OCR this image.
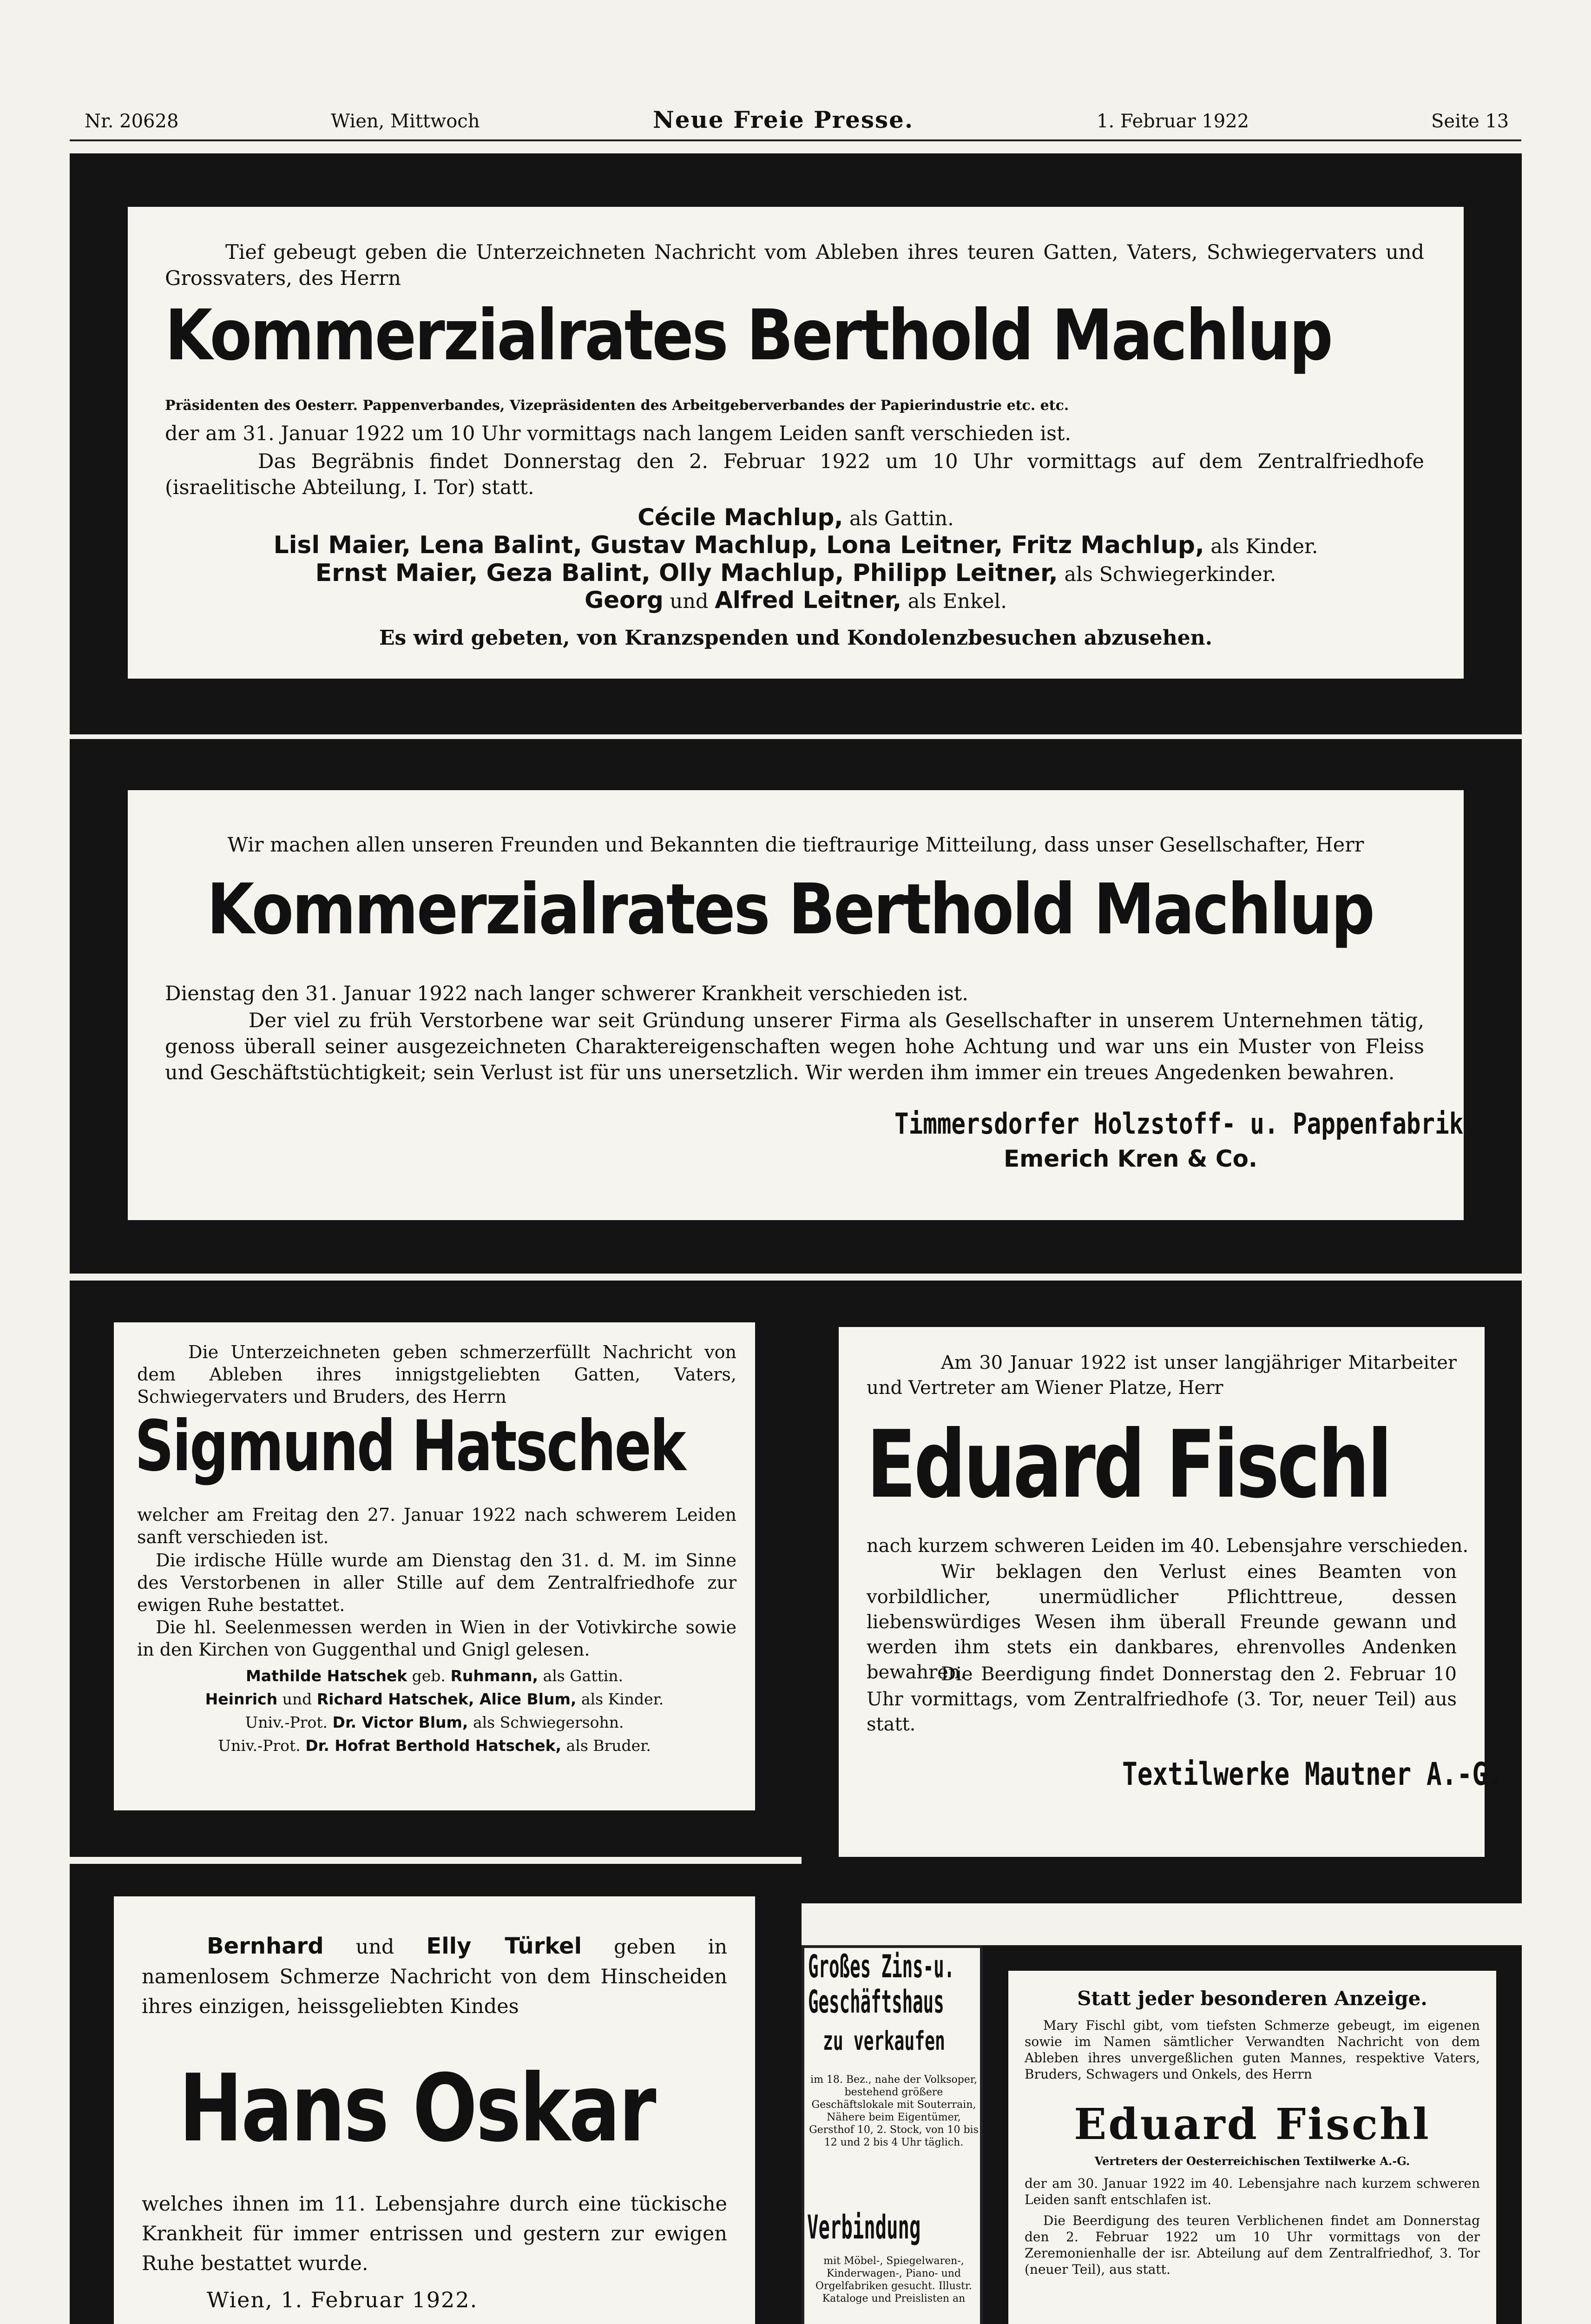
Nr. 20628	Wien, Mittwoch	Neue Freie Presse.	1. Februar 1922	Seite 13
Tief gebeugt geben die Unterzeichneten Nachricht vom Ableben ihres teuren Gatten, Vaters, Schwiegervaters und Grossvaters, des Herrn
Kommerzialrates Berthold Machlup
Präsidenten des Oesterr. Pappenverbandes, Vizepräsidenten des Arbeitgeberverbandes der Papierindustrie etc. etc.
der am 31. Januar 1922 um 10 Uhr vormittags nach langem Leiden sanft verschieden ist.
Das Begräbnis findet Donnerstag den 2. Februar 1922 um 10 Uhr vormittags auf dem Zentralfriedhofe (israelitische Abteilung, I. Tor) statt.
Cécile Machlup, als Gattin.
Lisl Maier, Lena Balint, Gustav Machlup, Lona Leitner, Fritz Machlup, als Kinder.
Ernst Maier, Geza Balint, Olly Machlup, Philipp Leitner, als Schwiegerkinder.
Georg und Alfred Leitner, als Enkel.
Es wird gebeten, von Kranzspenden und Kondolenzbesuchen abzusehen.
Wir machen allen unseren Freunden und Bekannten die tieftraurige Mitteilung, dass unser Gesellschafter, Herr
Kommerzialrates Berthold Machlup
Dienstag den 31. Januar 1922 nach langer schwerer Krankheit verschieden ist.
Der viel zu früh Verstorbene war seit Gründung unserer Firma als Gesellschafter in unserem Unternehmen tätig, genoss überall seiner ausgezeichneten Charaktereigenschaften wegen hohe Achtung und war uns ein Muster von Fleiss und Geschäftstüchtigkeit; sein Verlust ist für uns unersetzlich. Wir werden ihm immer ein treues Angedenken bewahren.
Timmersdorfer Holzstoff- u. Pappenfabrik
Emerich Kren & Co.
Die Unterzeichneten geben schmerzerfüllt Nachricht von dem Ableben ihres innigstgeliebten Gatten, Vaters, Schwiegervaters und Bruders, des Herrn
Sigmund Hatschek
welcher am Freitag den 27. Januar 1922 nach schwerem Leiden sanft verschieden ist.
Die irdische Hülle wurde am Dienstag den 31. d. M. im Sinne des Verstorbenen in aller Stille auf dem Zentralfriedhofe zur ewigen Ruhe bestattet.
Die hl. Seelenmessen werden in Wien in der Votivkirche sowie in den Kirchen von Guggenthal und Gnigl gelesen.
Mathilde Hatschek geb. Ruhmann, als Gattin.
Heinrich und Richard Hatschek, Alice Blum, als Kinder.
Univ.-Prot. Dr. Victor Blum, als Schwiegersohn.
Univ.-Prot. Dr. Hofrat Berthold Hatschek, als Bruder.
Am 30 Januar 1922 ist unser langjähriger Mitarbeiter und Vertreter am Wiener Platze, Herr
Eduard Fischl
nach kurzem schweren Leiden im 40. Lebensjahre verschieden.
Wir beklagen den Verlust eines Beamten von vorbildlicher, unermüdlicher Pflichttreue, dessen liebenswürdiges Wesen ihm überall Freunde gewann und werden ihm stets ein dankbares, ehrenvolles Andenken bewahren.
Die Beerdigung findet Donnerstag den 2. Februar 10 Uhr vormittags, vom Zentralfriedhofe (3. Tor, neuer Teil) aus statt.
Textilwerke Mautner A.-G.
Bernhard und Elly Türkel geben in namenlosem Schmerze Nachricht von dem Hinscheiden ihres einzigen, heissgeliebten Kindes
Hans Oskar
welches ihnen im 11. Lebensjahre durch eine tückische Krankheit für immer entrissen und gestern zur ewigen Ruhe bestattet wurde.
Wien, 1. Februar 1922.
Großes Zins-u.
Geschäftshaus
zu verkaufen
im 18. Bez., nahe der Volksoper, bestehend größere Geschäftslokale mit Souterrain, Nähere beim Eigentümer, Gersthof 10, 2. Stock, von 10 bis 12 und 2 bis 4 Uhr täglich.
Verbindung
mit Möbel-, Spiegelwaren-, Kinderwagen-, Piano- und Orgelfabriken gesucht. Illustr. Kataloge und Preislisten an
Statt jeder besonderen Anzeige.
Mary Fischl gibt, vom tiefsten Schmerze gebeugt, im eigenen sowie im Namen sämtlicher Verwandten Nachricht von dem Ableben ihres unvergeßlichen guten Mannes, respektive Vaters, Bruders, Schwagers und Onkels, des Herrn
Eduard Fischl
Vertreters der Oesterreichischen Textilwerke A.-G.
der am 30. Januar 1922 im 40. Lebensjahre nach kurzem schweren Leiden sanft entschlafen ist.
Die Beerdigung des teuren Verblichenen findet am Donnerstag den 2. Februar 1922 um 10 Uhr vormittags von der Zeremonienhalle der isr. Abteilung auf dem Zentralfriedhof, 3. Tor (neuer Teil), aus statt.
